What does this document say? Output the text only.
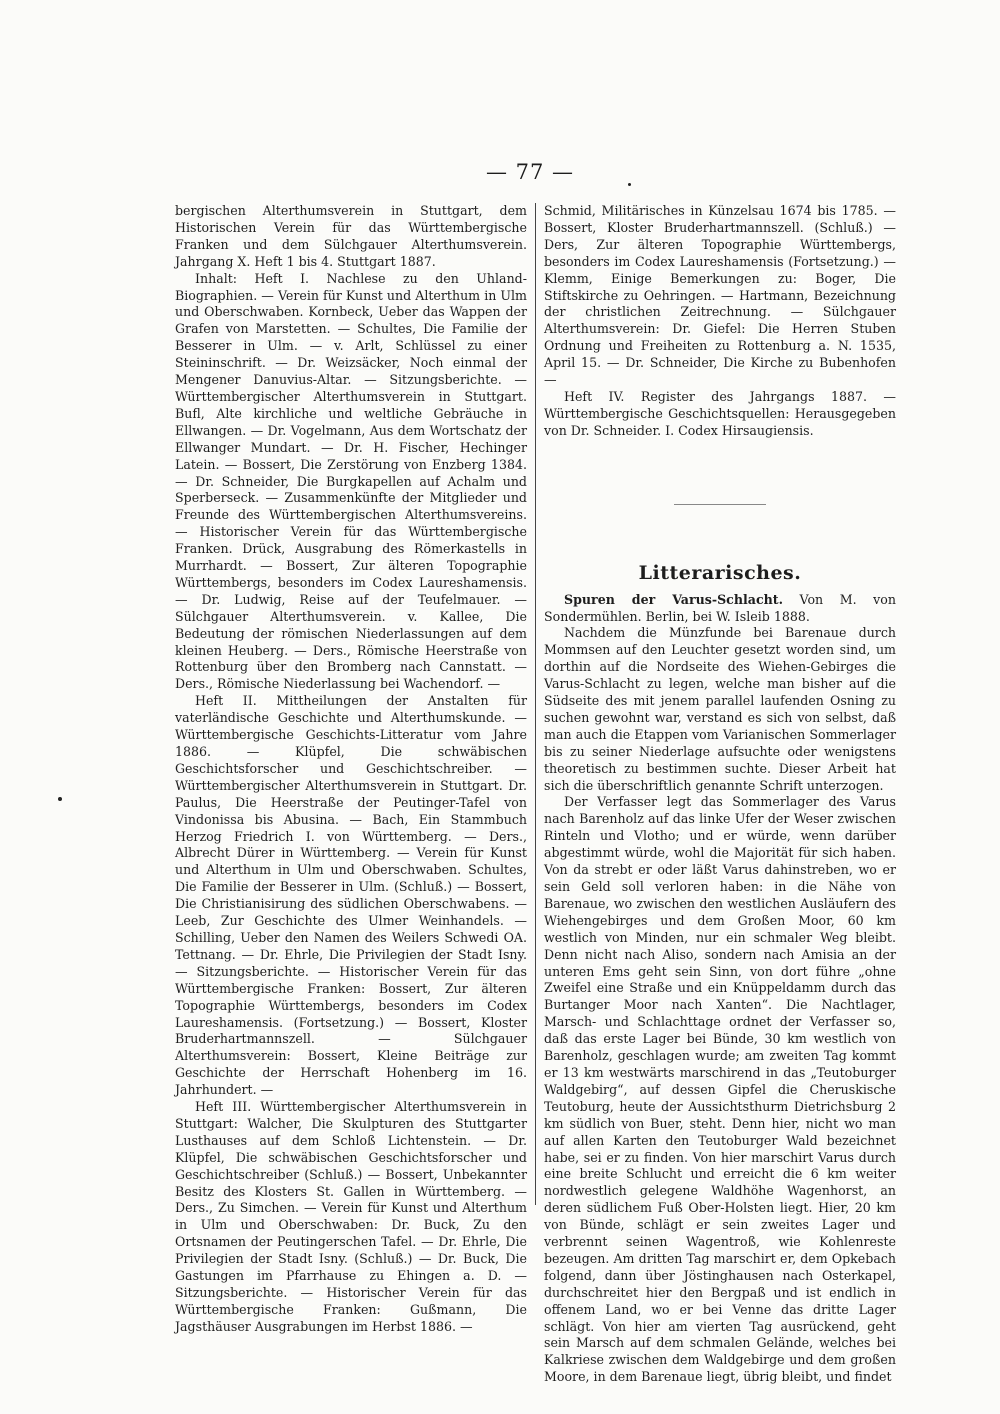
— 77 —

bergischen Alterthumsverein in Stuttgart, dem Historischen Verein für das Württembergische Franken und dem Sülchgauer Alterthumsverein. Jahrgang X. Heft 1 bis 4. Stuttgart 1887.

Inhalt: Heft I. Nachlese zu den Uhland-Biographien. — Verein für Kunst und Alterthum in Ulm und Oberschwaben. Kornbeck, Ueber das Wappen der Grafen von Marstetten. — Schultes, Die Familie der Besserer in Ulm. — v. Arlt, Schlüssel zu einer Steininschrift. — Dr. Weizsäcker, Noch einmal der Mengener Danuvius-Altar. — Sitzungsberichte. — Württembergischer Alterthumsverein in Stuttgart. Bufl, Alte kirchliche und weltliche Gebräuche in Ellwangen. — Dr. Vogelmann, Aus dem Wortschatz der Ellwanger Mundart. — Dr. H. Fischer, Hechinger Latein. — Bossert, Die Zerstörung von Enzberg 1384. — Dr. Schneider, Die Burgkapellen auf Achalm und Sperberseck. — Zusammenkünfte der Mitglieder und Freunde des Württembergischen Alterthumsvereins. — Historischer Verein für das Württembergische Franken. Drück, Ausgrabung des Römerkastells in Murrhardt. — Bossert, Zur älteren Topographie Württembergs, besonders im Codex Laureshamensis. — Dr. Ludwig, Reise auf der Teufelmauer. — Sülchgauer Alterthumsverein. v. Kallee, Die Bedeutung der römischen Niederlassungen auf dem kleinen Heuberg. — Ders., Römische Heerstraße von Rottenburg über den Bromberg nach Cannstatt. — Ders., Römische Niederlassung bei Wachendorf. —

Heft II. Mittheilungen der Anstalten für vaterländische Geschichte und Alterthumskunde. — Württembergische Geschichts-Litteratur vom Jahre 1886. — Klüpfel, Die schwäbischen Geschichtsforscher und Geschichtschreiber. — Württembergischer Alterthumsverein in Stuttgart. Dr. Paulus, Die Heerstraße der Peutinger-Tafel von Vindonissa bis Abusina. — Bach, Ein Stammbuch Herzog Friedrich I. von Württemberg. — Ders., Albrecht Dürer in Württemberg. — Verein für Kunst und Alterthum in Ulm und Oberschwaben. Schultes, Die Familie der Besserer in Ulm. (Schluß.) — Bossert, Die Christianisirung des südlichen Oberschwabens. — Leeb, Zur Geschichte des Ulmer Weinhandels. — Schilling, Ueber den Namen des Weilers Schwedi OA. Tettnang. — Dr. Ehrle, Die Privilegien der Stadt Isny. — Sitzungsberichte. — Historischer Verein für das Württembergische Franken: Bossert, Zur älteren Topographie Württembergs, besonders im Codex Laureshamensis. (Fortsetzung.) — Bossert, Kloster Bruderhartmannszell. — Sülchgauer Alterthumsverein: Bossert, Kleine Beiträge zur Geschichte der Herrschaft Hohenberg im 16. Jahrhundert. —

Heft III. Württembergischer Alterthumsverein in Stuttgart: Walcher, Die Skulpturen des Stuttgarter Lusthauses auf dem Schloß Lichtenstein. — Dr. Klüpfel, Die schwäbischen Geschichtsforscher und Geschichtschreiber (Schluß.) — Bossert, Unbekannter Besitz des Klosters St. Gallen in Württemberg. — Ders., Zu Simchen. — Verein für Kunst und Alterthum in Ulm und Oberschwaben: Dr. Buck, Zu den Ortsnamen der Peutingerschen Tafel. — Dr. Ehrle, Die Privilegien der Stadt Isny. (Schluß.) — Dr. Buck, Die Gastungen im Pfarrhause zu Ehingen a. D. — Sitzungsberichte. — Historischer Verein für das Württembergische Franken: Gußmann, Die Jagsthäuser Ausgrabungen im Herbst 1886. —

Schmid, Militärisches in Künzelsau 1674 bis 1785. — Bossert, Kloster Bruderhartmannszell. (Schluß.) — Ders, Zur älteren Topographie Württembergs, besonders im Codex Laureshamensis (Fortsetzung.) — Klemm, Einige Bemerkungen zu: Boger, Die Stiftskirche zu Oehringen. — Hartmann, Bezeichnung der christlichen Zeitrechnung. — Sülchgauer Alterthumsverein: Dr. Giefel: Die Herren Stuben Ordnung und Freiheiten zu Rottenburg a. N. 1535, April 15. — Dr. Schneider, Die Kirche zu Bubenhofen —

Heft IV. Register des Jahrgangs 1887. — Württembergische Geschichtsquellen: Herausgegeben von Dr. Schneider. I. Codex Hirsaugiensis.

Litterarisches.

Spuren der Varus-Schlacht. Von M. von Sondermühlen. Berlin, bei W. Isleib 1888.

Nachdem die Münzfunde bei Barenaue durch Mommsen auf den Leuchter gesetzt worden sind, um dorthin auf die Nordseite des Wiehen-Gebirges die Varus-Schlacht zu legen, welche man bisher auf die Südseite des mit jenem parallel laufenden Osning zu suchen gewohnt war, verstand es sich von selbst, daß man auch die Etappen vom Varianischen Sommerlager bis zu seiner Niederlage aufsuchte oder wenigstens theoretisch zu bestimmen suchte. Dieser Arbeit hat sich die überschriftlich genannte Schrift unterzogen.

Der Verfasser legt das Sommerlager des Varus nach Barenholz auf das linke Ufer der Weser zwischen Rinteln und Vlotho; und er würde, wenn darüber abgestimmt würde, wohl die Majorität für sich haben. Von da strebt er oder läßt Varus dahinstreben, wo er sein Geld soll verloren haben: in die Nähe von Barenaue, wo zwischen den westlichen Ausläufern des Wiehengebirges und dem Großen Moor, 60 km westlich von Minden, nur ein schmaler Weg bleibt. Denn nicht nach Aliso, sondern nach Amisia an der unteren Ems geht sein Sinn, von dort führe „ohne Zweifel eine Straße und ein Knüppeldamm durch das Burtanger Moor nach Xanten“. Die Nachtlager, Marsch- und Schlachttage ordnet der Verfasser so, daß das erste Lager bei Bünde, 30 km westlich von Barenholz, geschlagen wurde; am zweiten Tag kommt er 13 km westwärts marschirend in das „Teutoburger Waldgebirg“, auf dessen Gipfel die Cheruskische Teutoburg, heute der Aussichtsthurm Dietrichsburg 2 km südlich von Buer, steht. Denn hier, nicht wo man auf allen Karten den Teutoburger Wald bezeichnet habe, sei er zu finden. Von hier marschirt Varus durch eine breite Schlucht und erreicht die 6 km weiter nordwestlich gelegene Waldhöhe Wagenhorst, an deren südlichem Fuß Ober-Holsten liegt. Hier, 20 km von Bünde, schlägt er sein zweites Lager und verbrennt seinen Wagentroß, wie Kohlenreste bezeugen. Am dritten Tag marschirt er, dem Opkebach folgend, dann über Jöstinghausen nach Osterkapel, durchschreitet hier den Bergpaß und ist endlich in offenem Land, wo er bei Venne das dritte Lager schlägt. Von hier am vierten Tag ausrückend, geht sein Marsch auf dem schmalen Gelände, welches bei Kalkriese zwischen dem Waldgebirge und dem großen Moore, in dem Barenaue liegt, übrig bleibt, und findet
